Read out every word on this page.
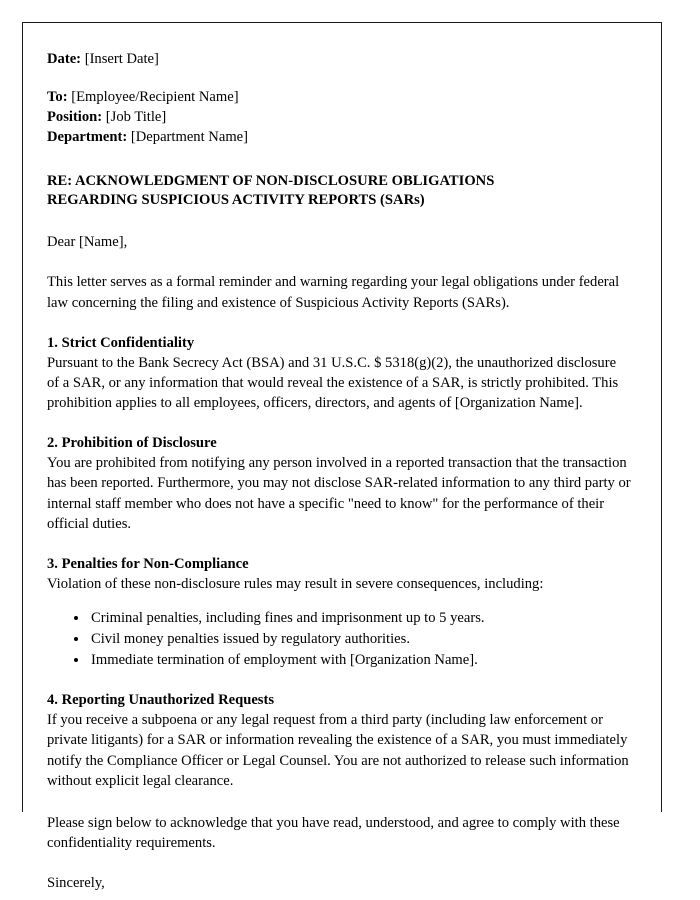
Date: [Insert Date]

To: [Employee/Recipient Name]

Position: [Job Title]

Department: [Department Name]

RE: ACKNOWLEDGMENT OF NON-DISCLOSURE OBLIGATIONS
REGARDING SUSPICIOUS ACTIVITY REPORTS (SARs)

Dear [Name],

This letter serves as a formal reminder and warning regarding your legal obligations under federal law concerning the filing and existence of Suspicious Activity Reports (SARs).

1. Strict Confidentiality

Pursuant to the Bank Secrecy Act (BSA) and 31 U.S.C. $ 5318(g)(2), the unauthorized disclosure of a SAR, or any information that would reveal the existence of a SAR, is strictly prohibited. This prohibition applies to all employees, officers, directors, and agents of [Organization Name].

2. Prohibition of Disclosure

You are prohibited from notifying any person involved in a reported transaction that the transaction has been reported. Furthermore, you may not disclose SAR-related information to any third party or internal staff member who does not have a specific "need to know" for the performance of their official duties.

3. Penalties for Non-Compliance

Violation of these non-disclosure rules may result in severe consequences, including:

• Criminal penalties, including fines and imprisonment up to 5 years.
• Civil money penalties issued by regulatory authorities.
• Immediate termination of employment with [Organization Name].

4. Reporting Unauthorized Requests

If you receive a subpoena or any legal request from a third party (including law enforcement or private litigants) for a SAR or information revealing the existence of a SAR, you must immediately notify the Compliance Officer or Legal Counsel. You are not authorized to release such information without explicit legal clearance.

Please sign below to acknowledge that you have read, understood, and agree to comply with these confidentiality requirements.

Sincerely,
